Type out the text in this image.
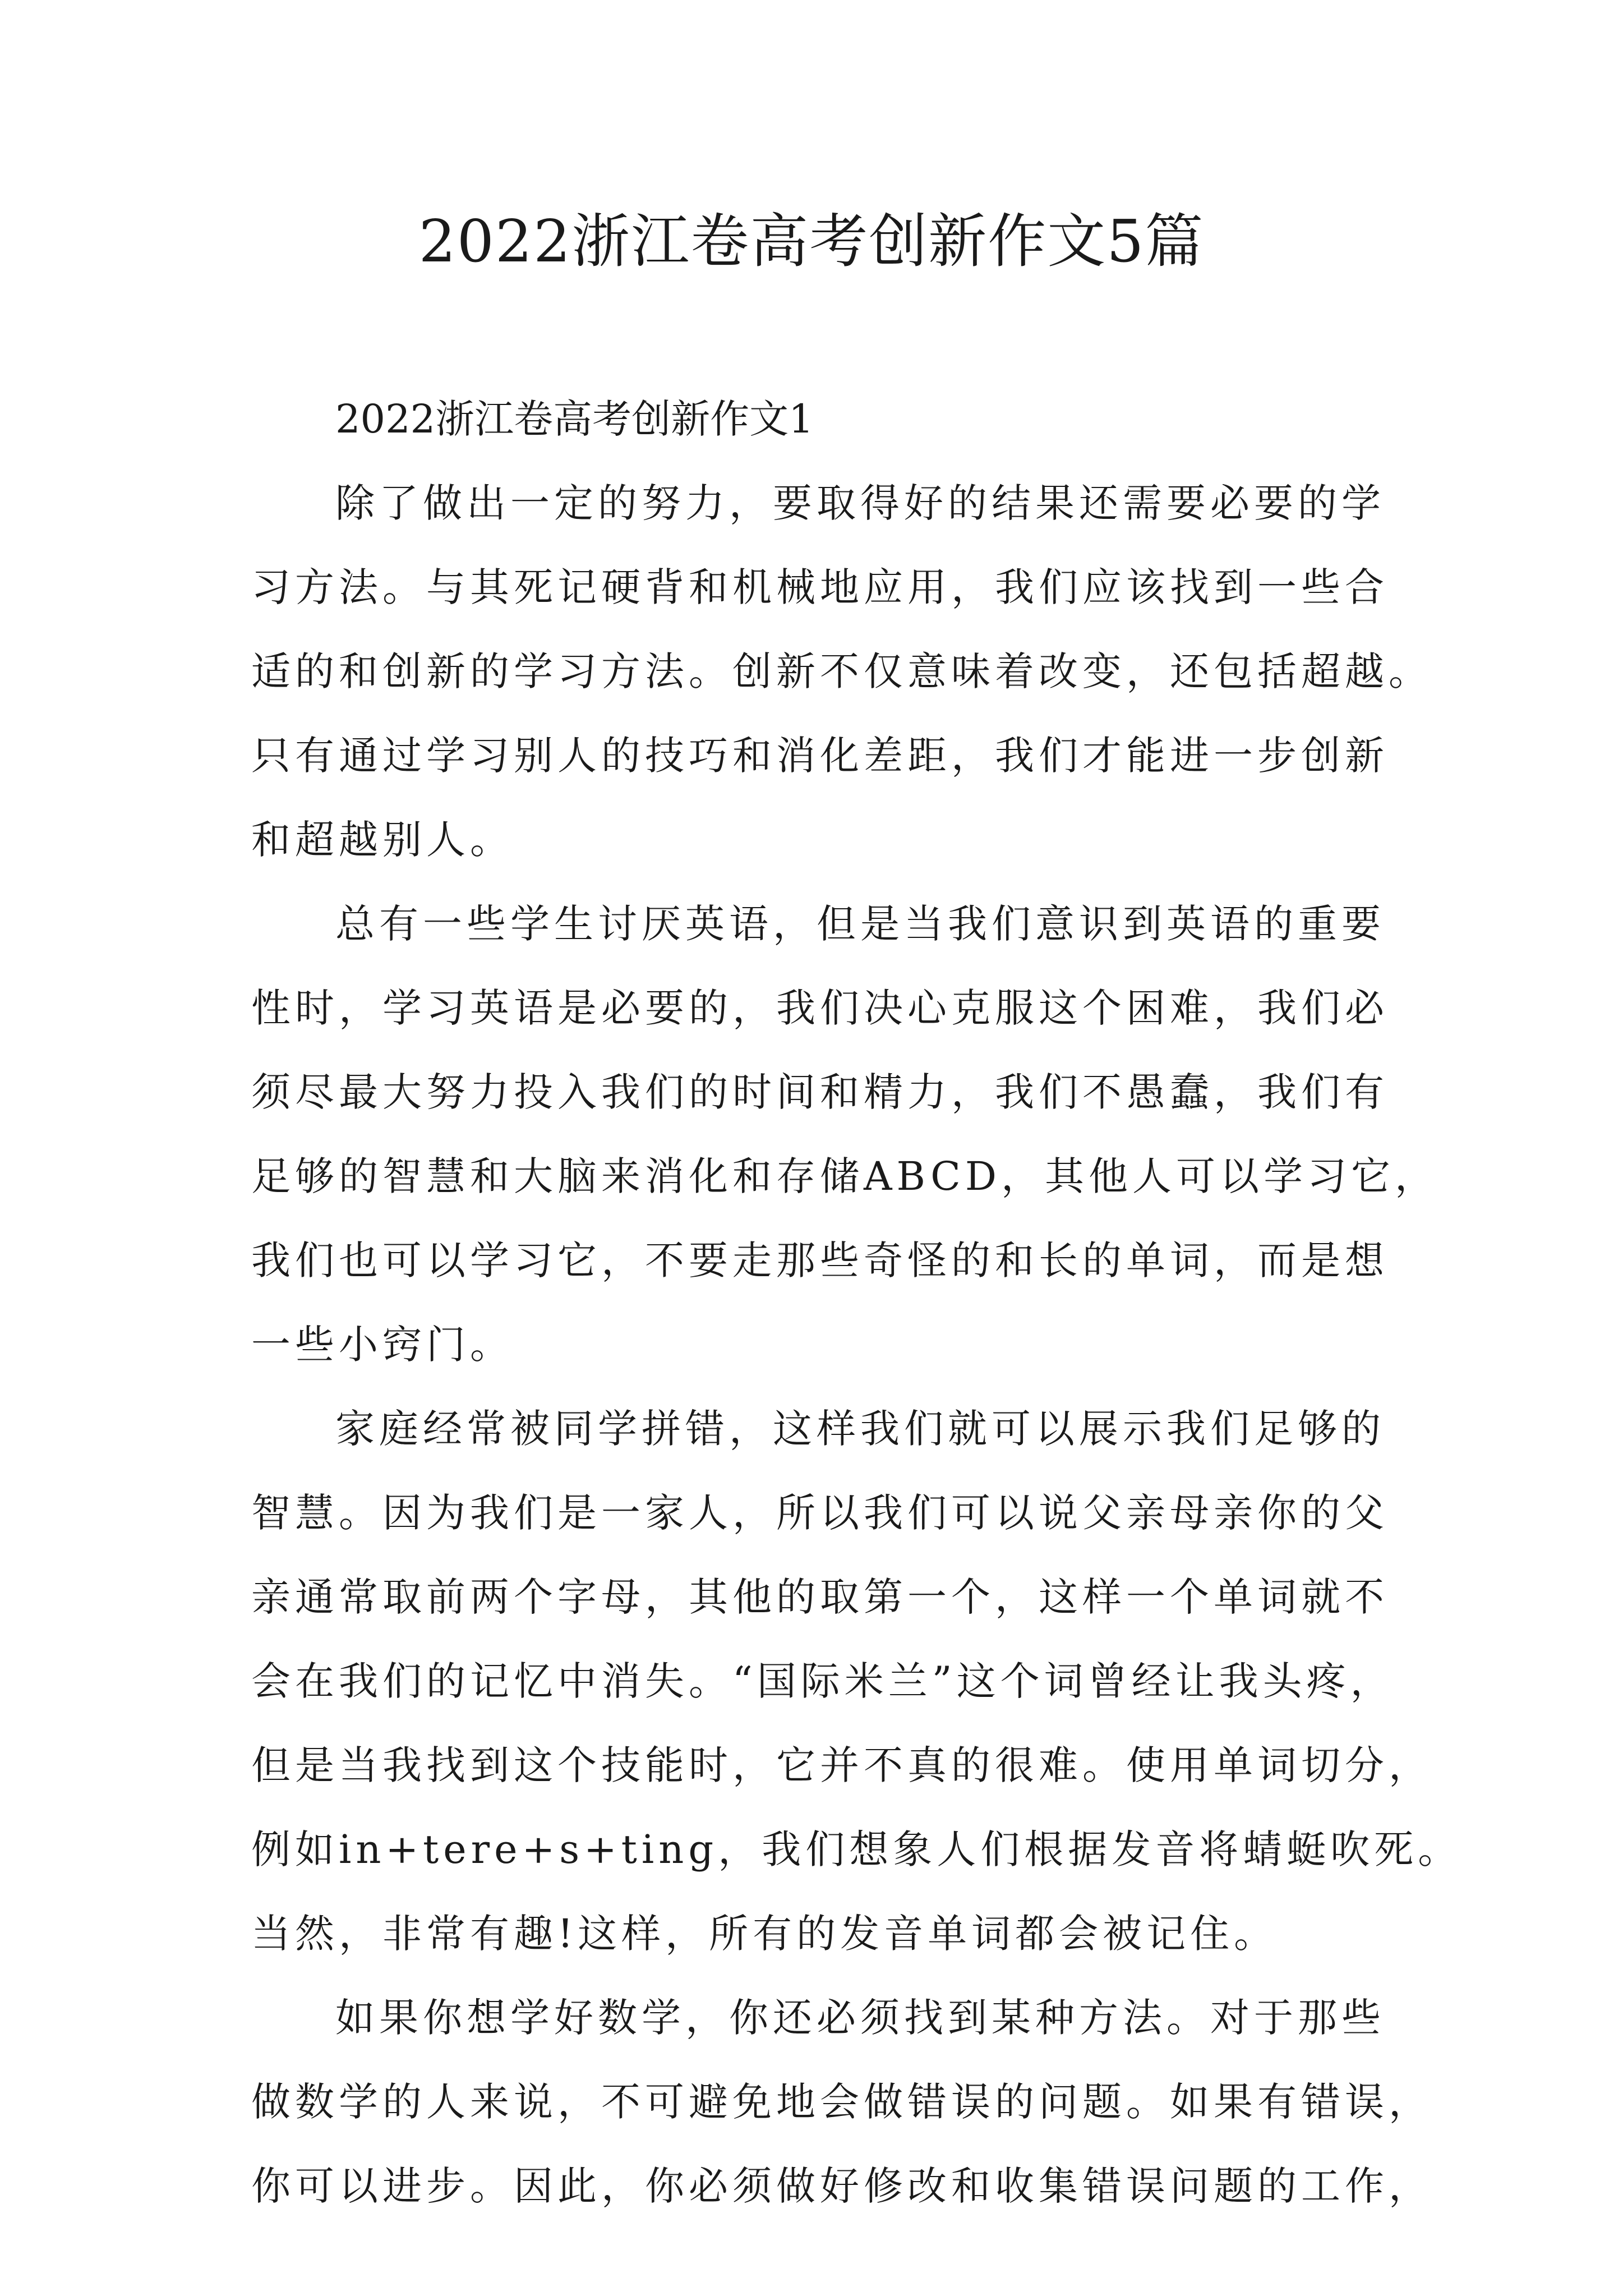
2022浙江卷高考创新作文5篇
2022浙江卷高考创新作文1
除了做出一定的努力，要取得好的结果还需要必要的学
习方法。与其死记硬背和机械地应用，我们应该找到一些合
适的和创新的学习方法。创新不仅意味着改变，还包括超越。
只有通过学习别人的技巧和消化差距，我们才能进一步创新
和超越别人。
总有一些学生讨厌英语，但是当我们意识到英语的重要
性时，学习英语是必要的，我们决心克服这个困难，我们必
须尽最大努力投入我们的时间和精力，我们不愚蠢，我们有
足够的智慧和大脑来消化和存储ABCD，其他人可以学习它，
我们也可以学习它，不要走那些奇怪的和长的单词，而是想
一些小窍门。
家庭经常被同学拼错，这样我们就可以展示我们足够的
智慧。因为我们是一家人，所以我们可以说父亲母亲你的父
亲通常取前两个字母，其他的取第一个，这样一个单词就不
会在我们的记忆中消失。“国际米兰”这个词曾经让我头疼，
但是当我找到这个技能时，它并不真的很难。使用单词切分，
例如in+tere+s+ting，我们想象人们根据发音将蜻蜓吹死。
当然，非常有趣!这样，所有的发音单词都会被记住。
如果你想学好数学，你还必须找到某种方法。对于那些
做数学的人来说，不可避免地会做错误的问题。如果有错误，
你可以进步。因此，你必须做好修改和收集错误问题的工作，
